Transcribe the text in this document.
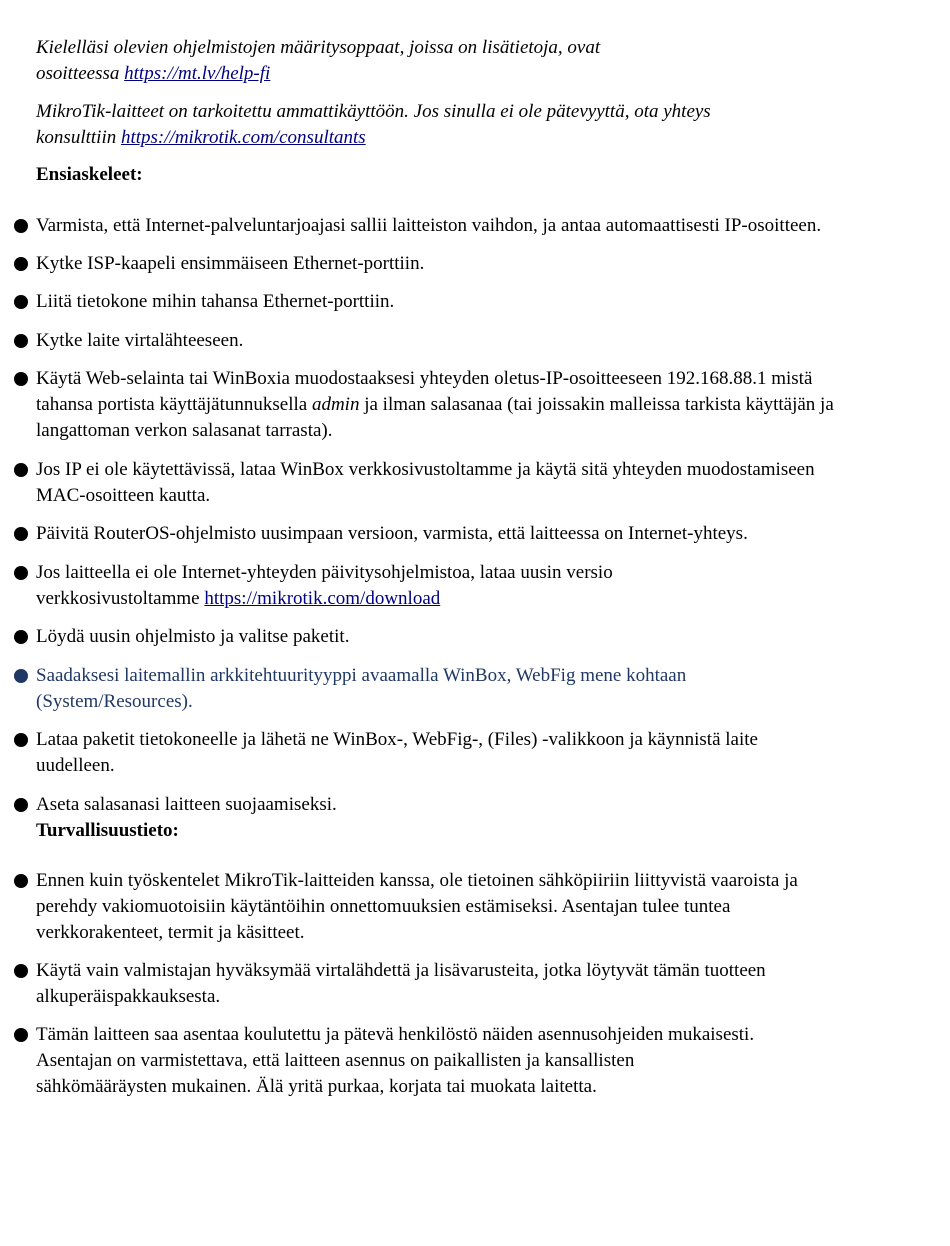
Kielelläsi olevien ohjelmistojen määritysoppaat, joissa on lisätietoja, ovat osoitteessa https://mt.lv/help-fi

MikroTik-laitteet on tarkoitettu ammattikäyttöön. Jos sinulla ei ole pätevyyttä, ota yhteys konsulttiin https://mikrotik.com/consultants

Ensiaskeleet:

Varmista, että Internet-palveluntarjoajasi sallii laitteiston vaihdon, ja antaa automaattisesti IP-osoitteen.

Kytke ISP-kaapeli ensimmäiseen Ethernet-porttiin.

Liitä tietokone mihin tahansa Ethernet-porttiin.

Kytke laite virtalähteeseen.

Käytä Web-selainta tai WinBoxia muodostaaksesi yhteyden oletus-IP-osoitteeseen 192.168.88.1 mistä tahansa portista käyttäjätunnuksella admin ja ilman salasanaa (tai joissakin malleissa tarkista käyttäjän ja langattoman verkon salasanat tarrasta).

Jos IP ei ole käytettävissä, lataa WinBox verkkosivustoltamme ja käytä sitä yhteyden muodostamiseen MAC-osoitteen kautta.

Päivitä RouterOS-ohjelmisto uusimpaan versioon, varmista, että laitteessa on Internet-yhteys.

Jos laitteella ei ole Internet-yhteyden päivitysohjelmistoa, lataa uusin versio verkkosivustoltamme https://mikrotik.com/download

Löydä uusin ohjelmisto ja valitse paketit.

Saadaksesi laitemallin arkkitehtuurityyppi avaamalla WinBox, WebFig mene kohtaan (System/Resources).

Lataa paketit tietokoneelle ja lähetä ne WinBox-, WebFig-, (Files) -valikkoon ja käynnistä laite uudelleen.

Aseta salasanasi laitteen suojaamiseksi.

Turvallisuustieto:

Ennen kuin työskentelet MikroTik-laitteiden kanssa, ole tietoinen sähköpiiriin liittyvistä vaaroista ja perehdy vakiomuotoisiin käytäntöihin onnettomuuksien estämiseksi. Asentajan tulee tuntea verkkorakenteet, termit ja käsitteet.

Käytä vain valmistajan hyväksymää virtalähdettä ja lisävarusteita, jotka löytyvät tämän tuotteen alkuperäispakkauksesta.

Tämän laitteen saa asentaa koulutettu ja pätevä henkilöstö näiden asennusohjeiden mukaisesti. Asentajan on varmistettava, että laitteen asennus on paikallisten ja kansallisten sähkömääräysten mukainen. Älä yritä purkaa, korjata tai muokata laitetta.
